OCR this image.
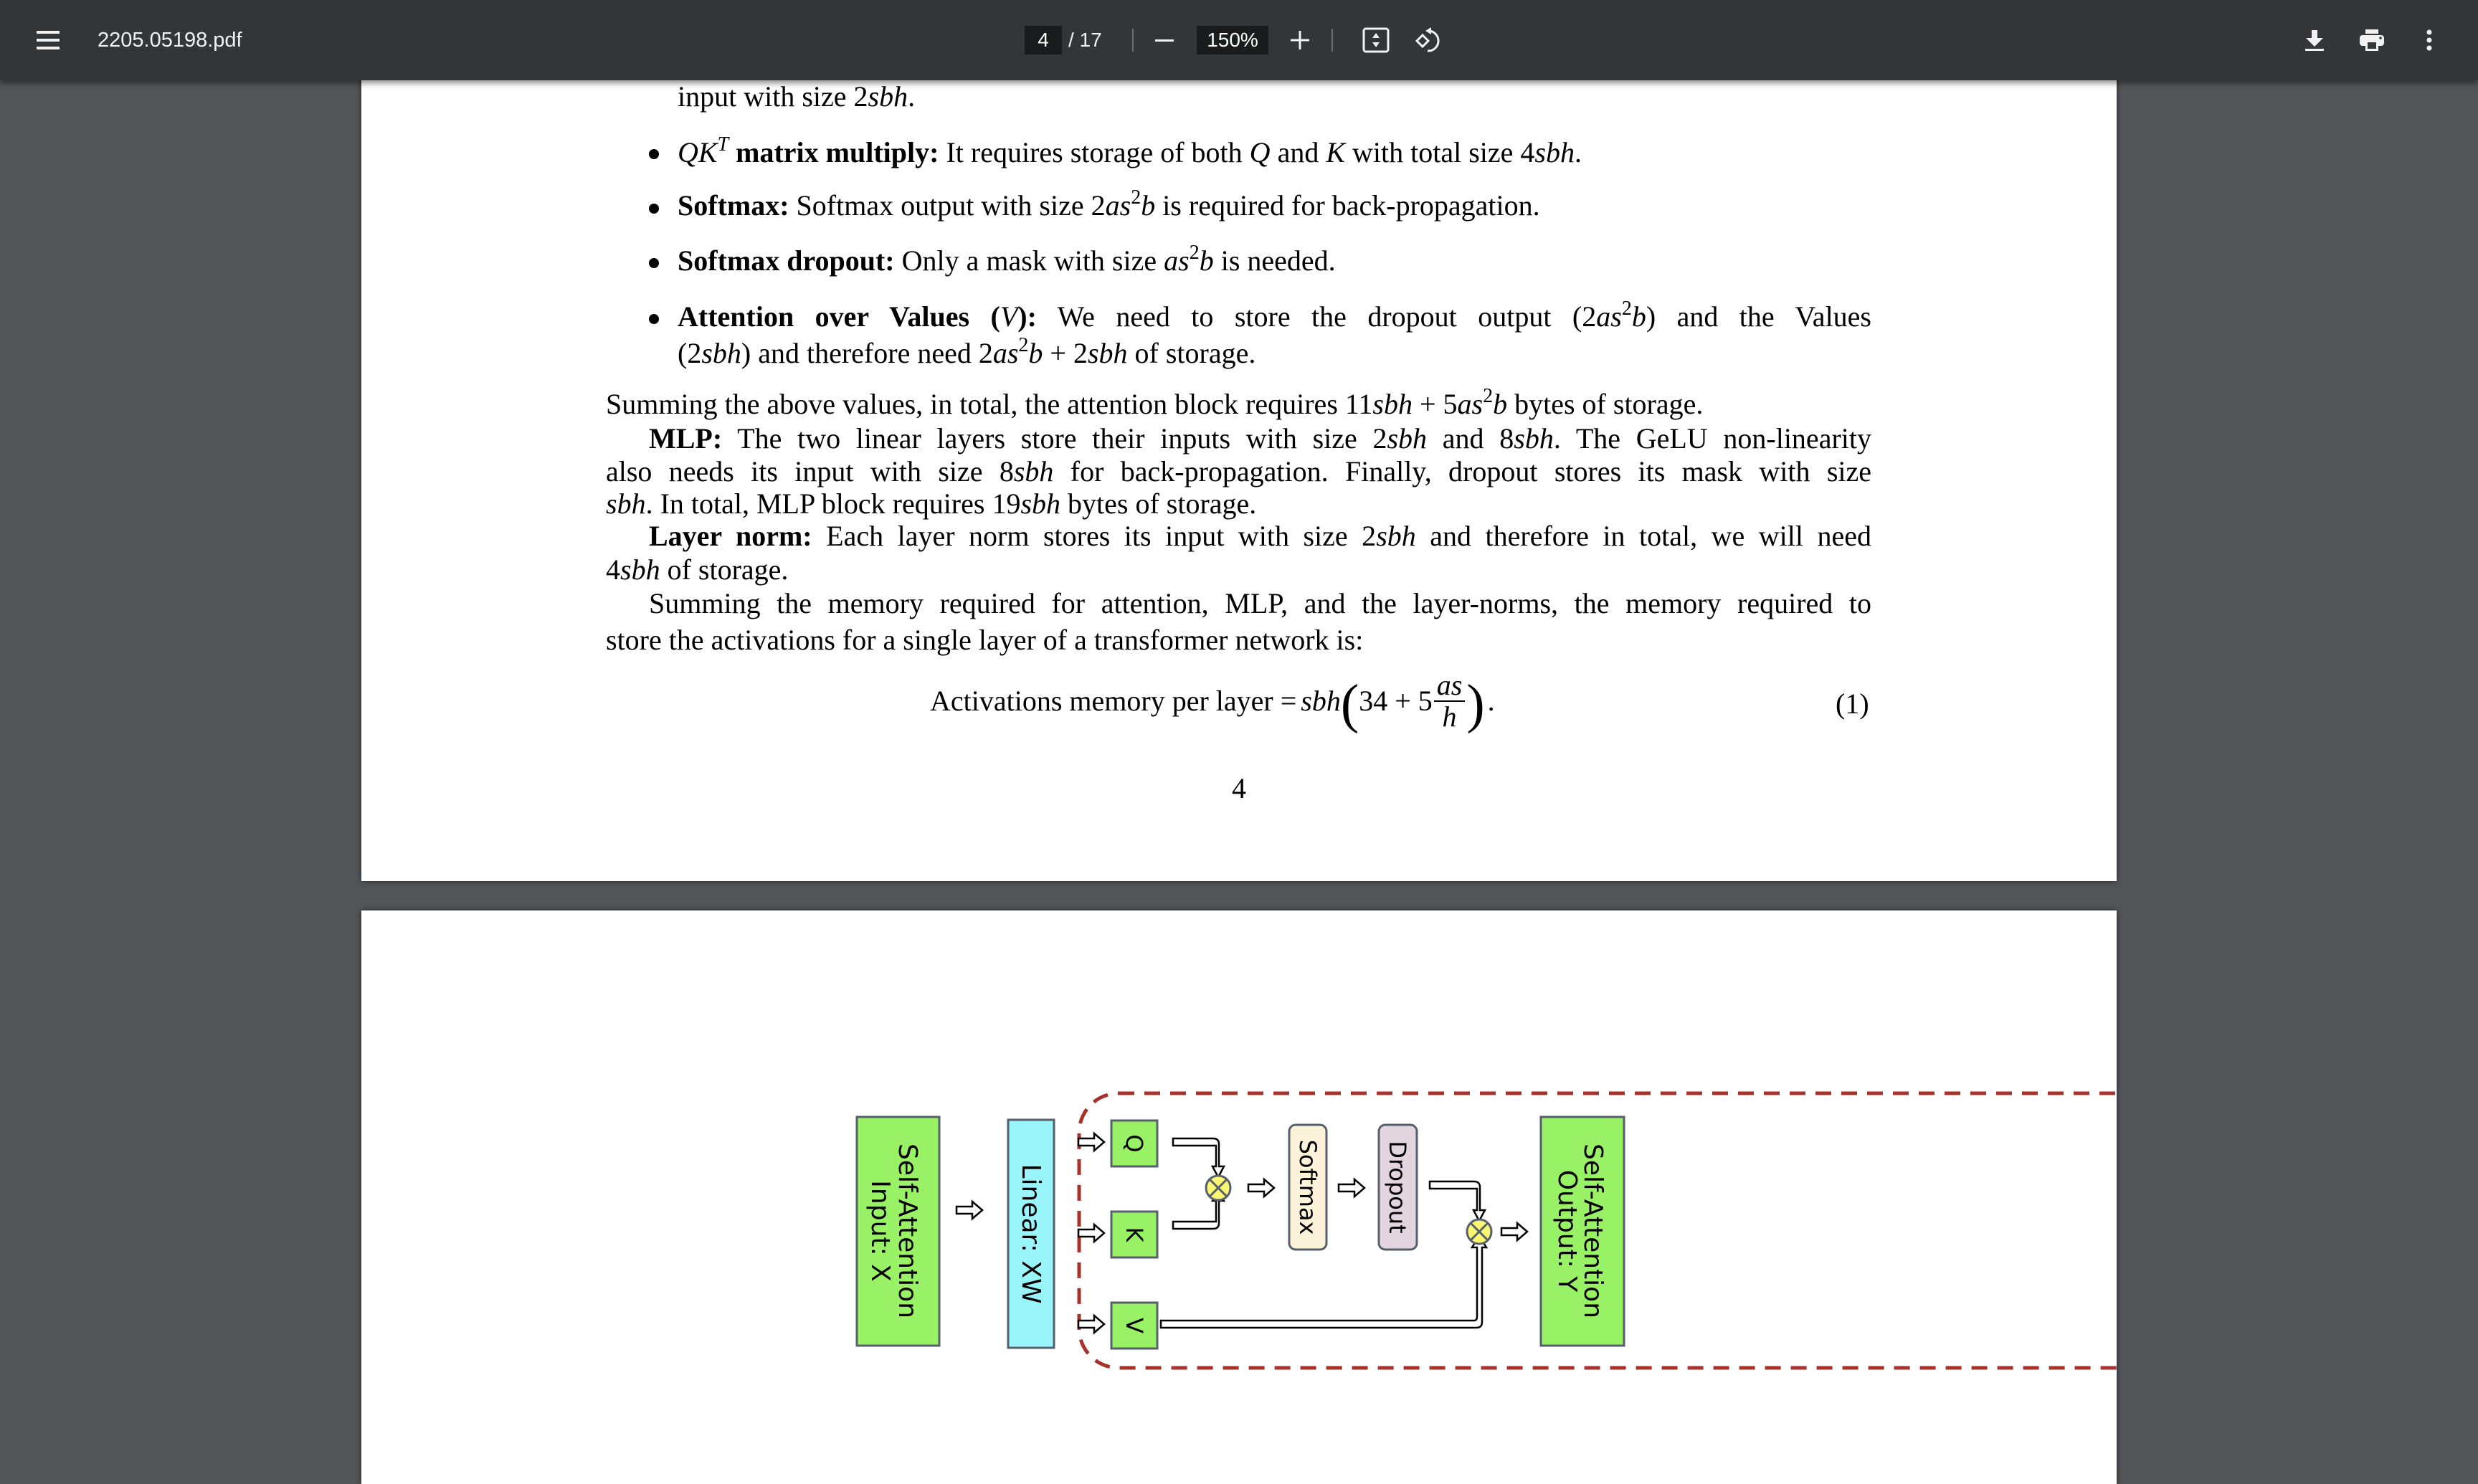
2205.05198.pdf	4 / 17	150%
input with size 2sbh.
$QK^T$ matrix multiply: It requires storage of both Q and K with total size 4sbh.
Softmax: Softmax output with size $2as^2b$ is required for back-propagation.
Softmax dropout: Only a mask with size $as^2b$ is needed.
Attention over Values (V): We need to store the dropout output $(2as^2b)$ and the Values
(2sbh) and therefore need $2as^2b + 2sbh$ of storage.
Summing the above values, in total, the attention block requires $11sbh + 5as^2b$ bytes of storage.
MLP: The two linear layers store their inputs with size 2sbh and 8sbh. The GeLU non-linearity
also needs its input with size 8sbh for back-propagation. Finally, dropout stores its mask with size
sbh. In total, MLP block requires 19sbh bytes of storage.
Layer norm: Each layer norm stores its input with size 2sbh and therefore in total, we will need
4sbh of storage.
Summing the memory required for attention, MLP, and the layer-norms, the memory required to
store the activations for a single layer of a transformer network is:
Activations memory per layer = sbh ( $34 + 5 \frac{as}{h}$ ) .	(1)
4
Self-Attention
Input: X	Linear: XW
Q
K
V
Softmax	Dropout	Self-Attention
Output: Y
